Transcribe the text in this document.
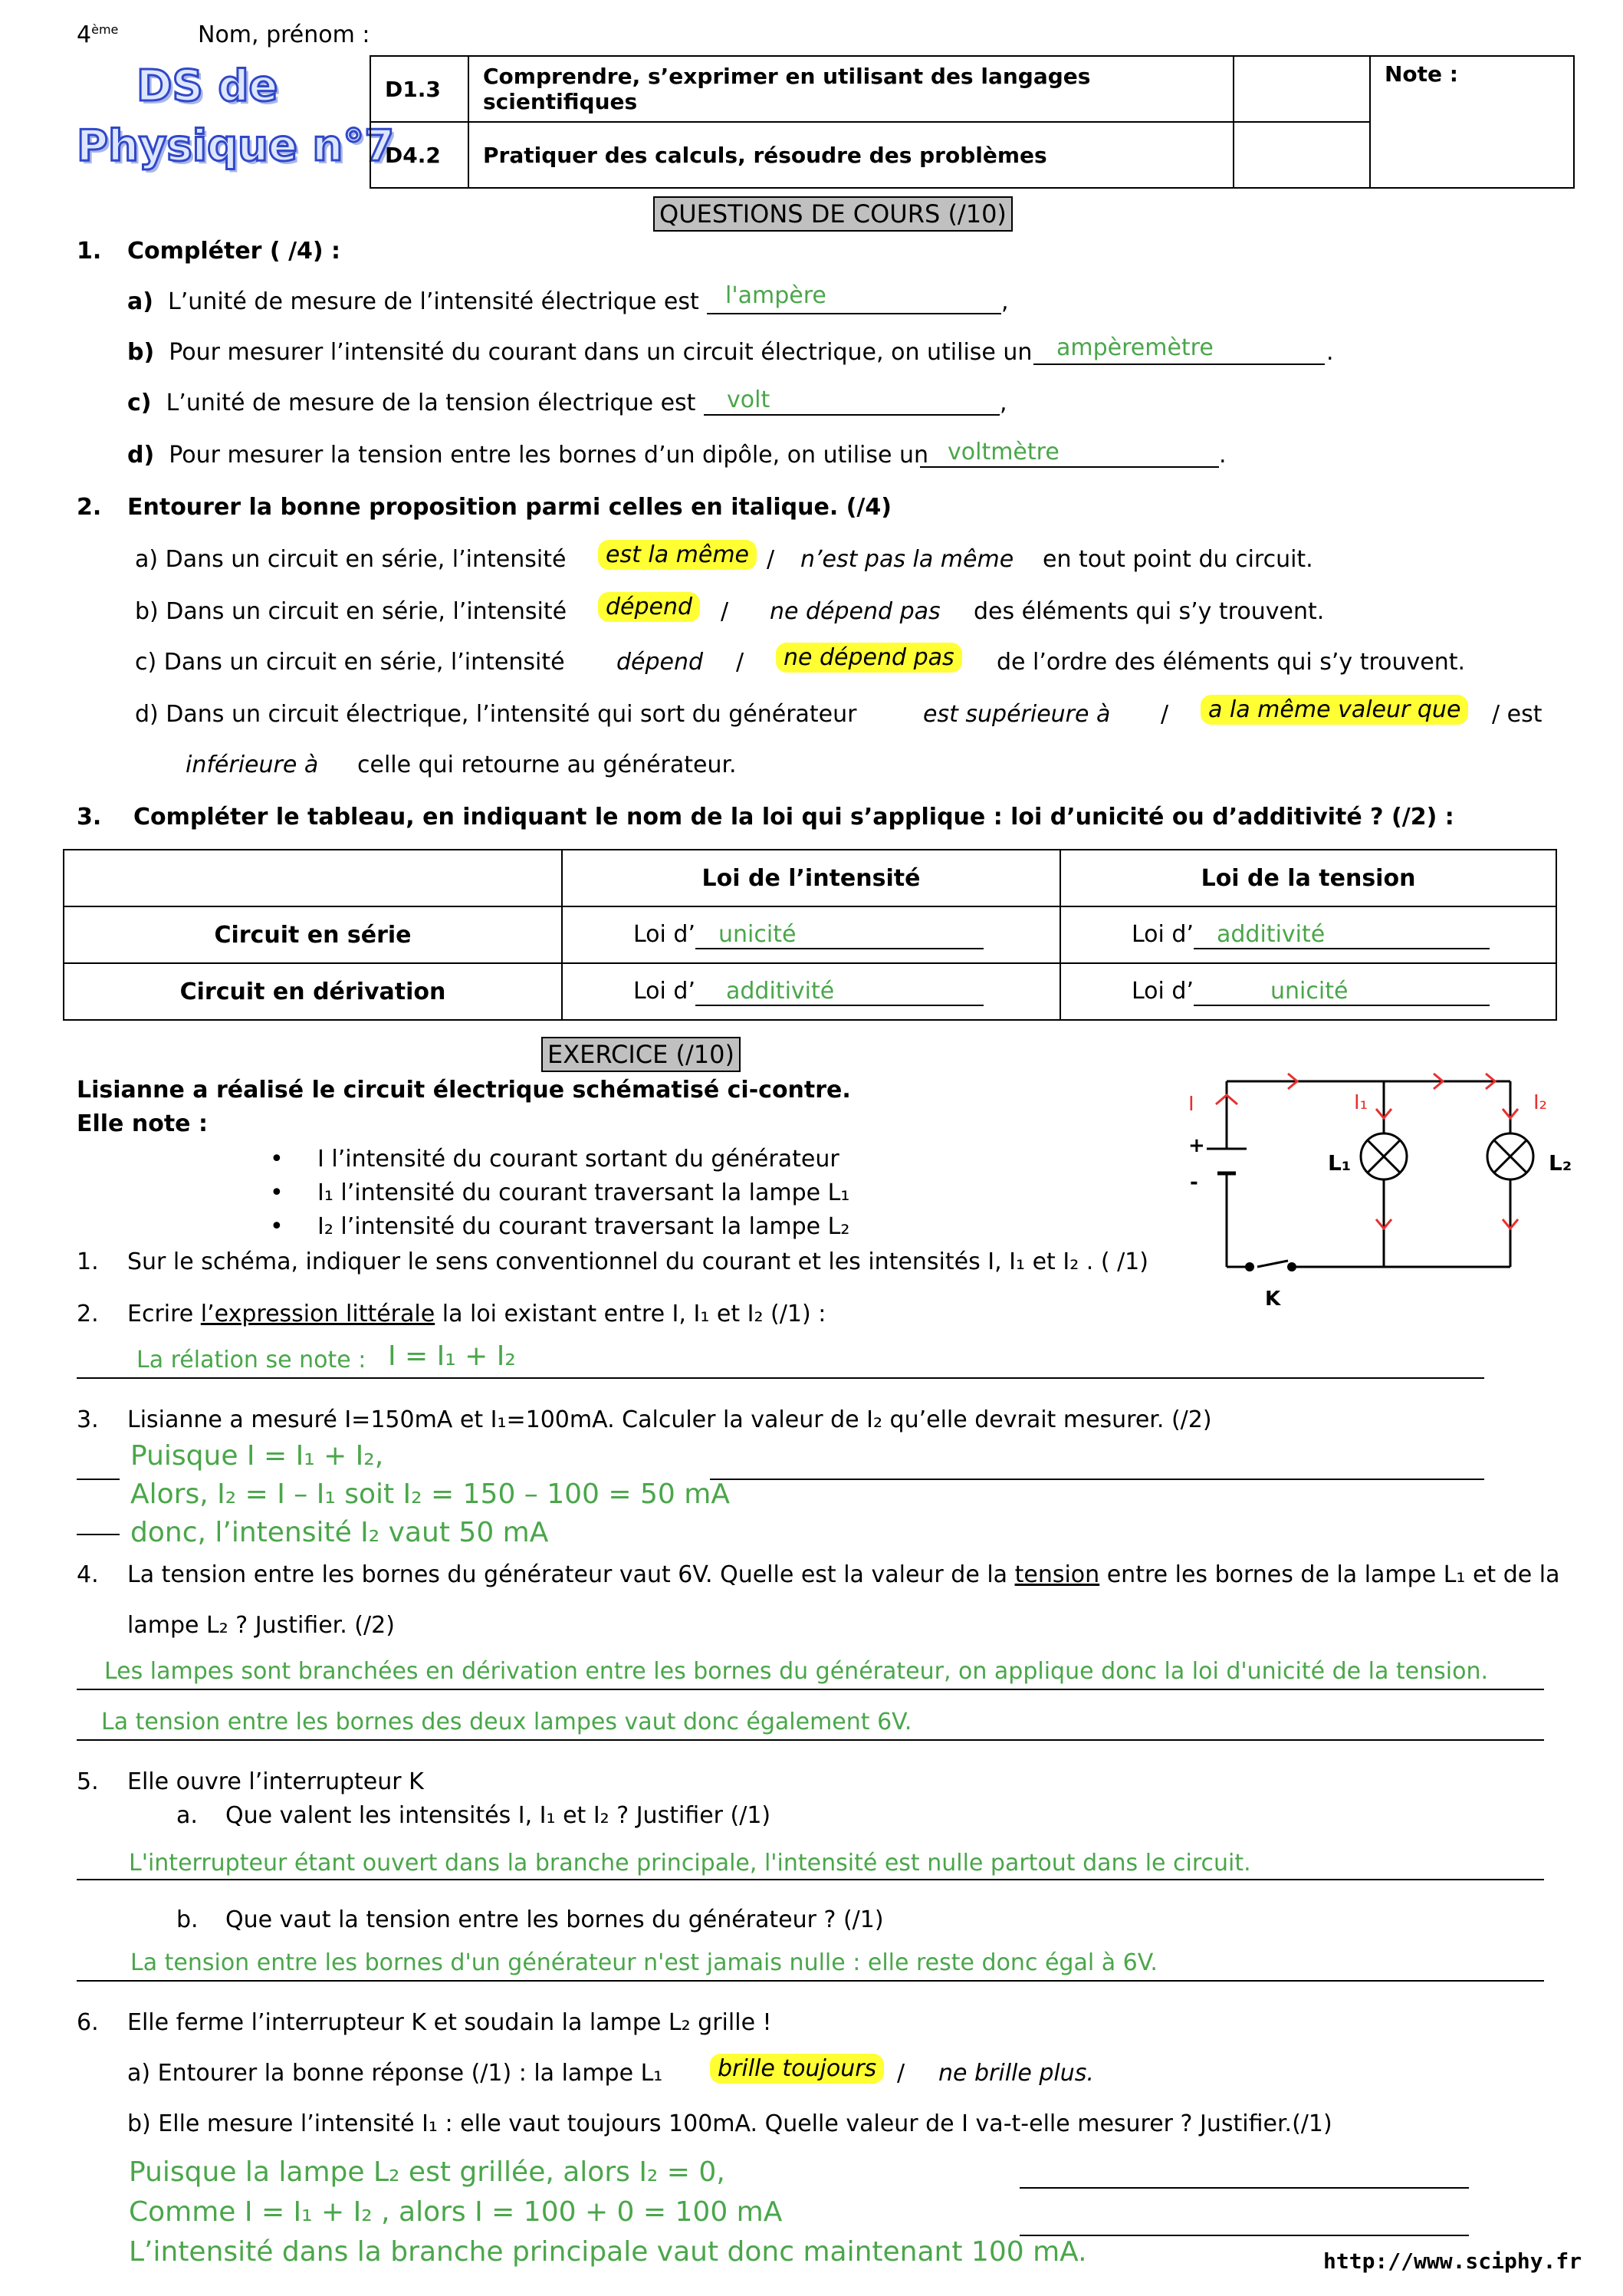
4ème	Nom, prénom :
DS de
Physique n°7
D1.3	Comprendre, s’exprimer en utilisant des langages scientifiques		Note :
D4.2	Pratiquer des calculs, résoudre des problèmes		
QUESTIONS DE COURS (/10)
1. Compléter ( /4) :
a) L’unité de mesure de l’intensité électrique est l'ampère	,
b) Pour mesurer l’intensité du courant dans un circuit électrique, on utilise un ampèremètre	.
c) L’unité de mesure de la tension électrique est volt	,
d) Pour mesurer la tension entre les bornes d’un dipôle, on utilise un voltmètre	.
2. Entourer la bonne proposition parmi celles en italique. (/4)
a) Dans un circuit en série, l’intensité	est la même / n’est pas la même en tout point du circuit.
b) Dans un circuit en série, l’intensité	dépend	/ ne dépend pas des éléments qui s’y trouvent.
c) Dans un circuit en série, l’intensité dépend /	ne dépend pas	de l’ordre des éléments qui s’y trouvent.
d) Dans un circuit électrique, l’intensité qui sort du générateur	est supérieure à /	a la même valeur que	/ est
inférieure à celle qui retourne au générateur.
3. Compléter le tableau, en indiquant le nom de la loi qui s’applique : loi d’unicité ou d’additivité ? (/2) :
	Loi de l’intensité	Loi de la tension
Circuit en série	Loi d’ unicité	Loi d’ additivité
Circuit en dérivation	Loi d’ additivité	Loi d’ unicité
EXERCICE (/10)
Lisianne a réalisé le circuit électrique schématisé ci-contre.
Elle note :
• I l’intensité du courant sortant du générateur
• I₁ l’intensité du courant traversant la lampe L₁
• I₂ l’intensité du courant traversant la lampe L₂
I	I₁	I₂
+
-
L₁	L₂
K
1. Sur le schéma, indiquer le sens conventionnel du courant et les intensités I, I₁ et I₂ . ( /1)
2. Ecrire l’expression littérale la loi existant entre I, I₁ et I₂ (/1) :
La rélation se note : I = I₁ + I₂
3. Lisianne a mesuré I=150mA et I₁=100mA. Calculer la valeur de I₂ qu’elle devrait mesurer. (/2)
Puisque I = I₁ + I₂,
Alors, I₂ = I – I₁ soit I₂ = 150 – 100 = 50 mA
donc, l’intensité I₂ vaut 50 mA
4. La tension entre les bornes du générateur vaut 6V. Quelle est la valeur de la tension entre les bornes de la lampe L₁ et de la
lampe L₂ ? Justifier. (/2)
Les lampes sont branchées en dérivation entre les bornes du générateur, on applique donc la loi d'unicité de la tension.
La tension entre les bornes des deux lampes vaut donc également 6V.
5. Elle ouvre l’interrupteur K
a. Que valent les intensités I, I₁ et I₂ ? Justifier (/1)
L'interrupteur étant ouvert dans la branche principale, l'intensité est nulle partout dans le circuit.
b. Que vaut la tension entre les bornes du générateur ? (/1)
La tension entre les bornes d'un générateur n'est jamais nulle : elle reste donc égal à 6V.
6. Elle ferme l’interrupteur K et soudain la lampe L₂ grille !
a) Entourer la bonne réponse (/1) : la lampe L₁	brille toujours / ne brille plus.
b) Elle mesure l’intensité I₁ : elle vaut toujours 100mA. Quelle valeur de I va-t-elle mesurer ? Justifier.(/1)
Puisque la lampe L₂ est grillée, alors I₂ = 0,
Comme I = I₁ + I₂ , alors I = 100 + 0 = 100 mA
L’intensité dans la branche principale vaut donc maintenant 100 mA.	http://www.sciphy.fr
